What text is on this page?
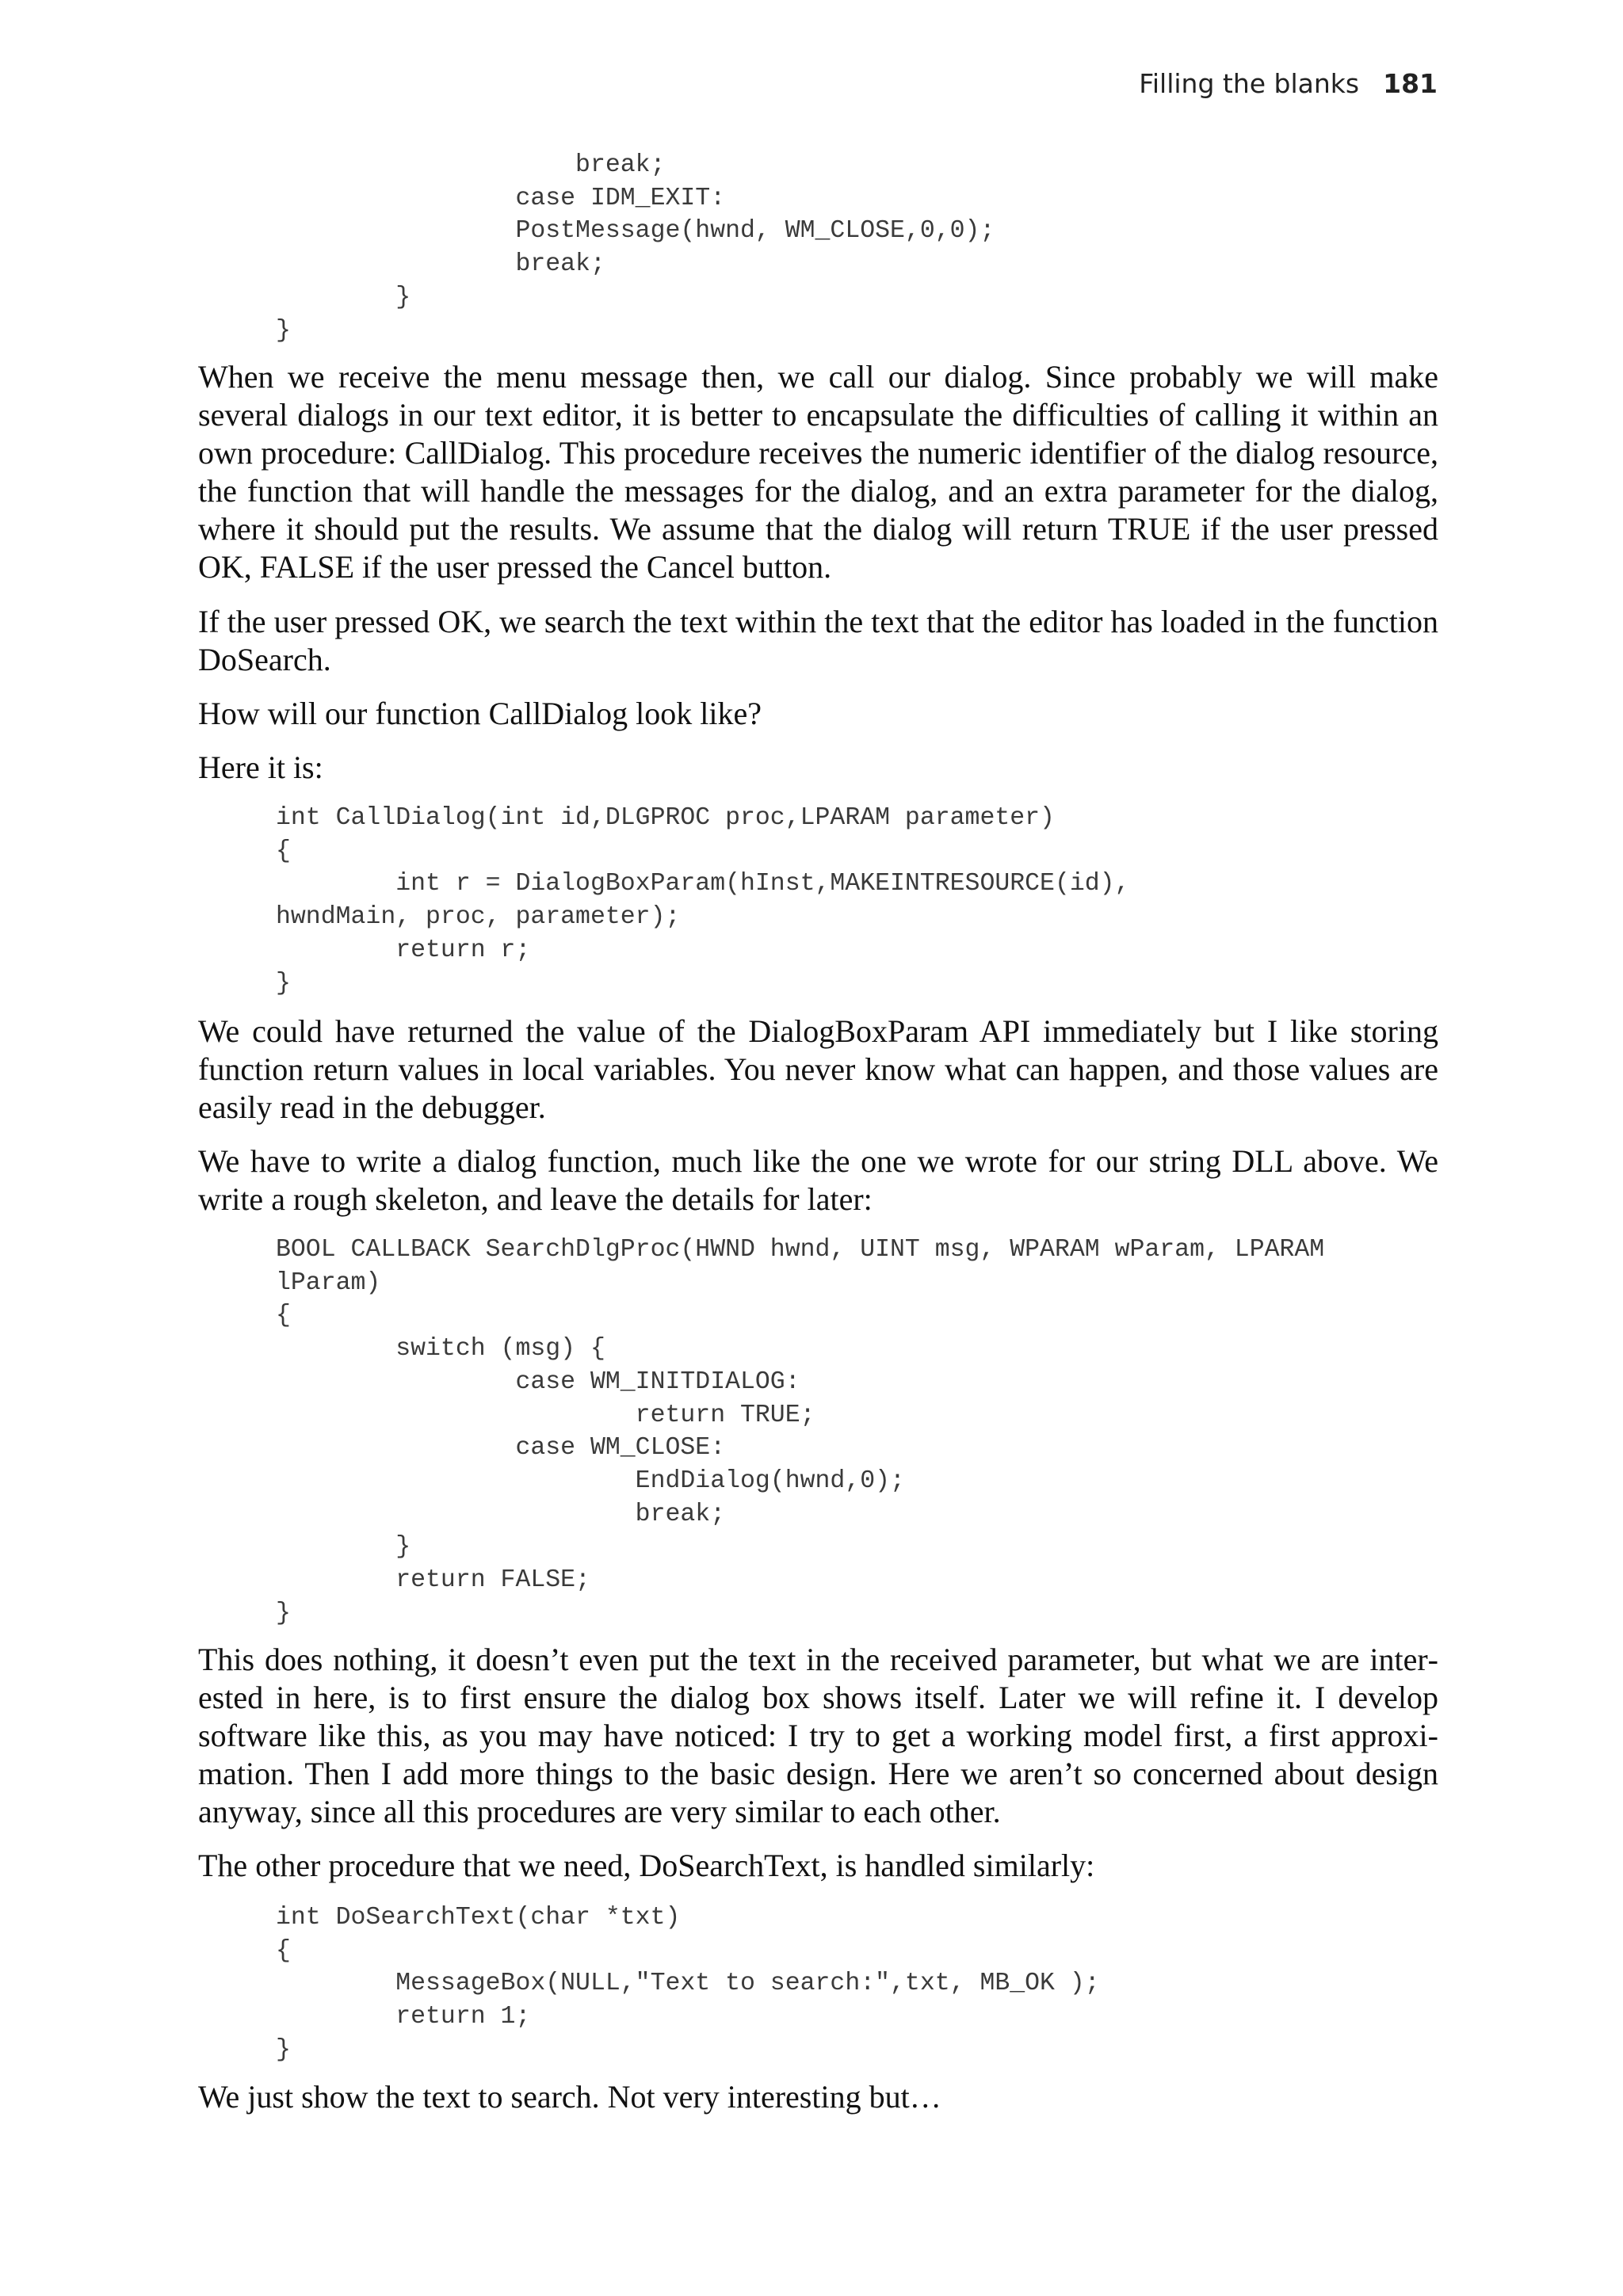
Filling the blanks 181
break;
case IDM_EXIT:
PostMessage(hwnd, WM_CLOSE,0,0);
break;
}
}

When we receive the menu message then, we call our dialog. Since probably we will make several dialogs in our text editor, it is better to encapsulate the difficulties of calling it within an own procedure: CallDialog. This procedure receives the numeric identifier of the dialog resource, the function that will handle the messages for the dialog, and an extra parameter for the dialog, where it should put the results. We assume that the dialog will return TRUE if the user pressed OK, FALSE if the user pressed the Cancel button.

If the user pressed OK, we search the text within the text that the editor has loaded in the function DoSearch.

How will our function CallDialog look like?

Here it is:

int CallDialog(int id,DLGPROC proc,LPARAM parameter)
{
int r = DialogBoxParam(hInst,MAKEINTRESOURCE(id),
hwndMain, proc, parameter);
return r;
}

We could have returned the value of the DialogBoxParam API immediately but I like storing function return values in local variables. You never know what can happen, and those values are easily read in the debugger.

We have to write a dialog function, much like the one we wrote for our string DLL above. We write a rough skeleton, and leave the details for later:

BOOL CALLBACK SearchDlgProc(HWND hwnd, UINT msg, WPARAM wParam, LPARAM
lParam)
{
switch (msg) {
case WM_INITDIALOG:
return TRUE;
case WM_CLOSE:
EndDialog(hwnd,0);
break;
}
return FALSE;
}

This does nothing, it doesn’t even put the text in the received parameter, but what we are interested in here, is to first ensure the dialog box shows itself. Later we will refine it. I develop software like this, as you may have noticed: I try to get a working model first, a first approximation. Then I add more things to the basic design. Here we aren’t so concerned about design anyway, since all this procedures are very similar to each other.

The other procedure that we need, DoSearchText, is handled similarly:

int DoSearchText(char *txt)
{
MessageBox(NULL,"Text to search:",txt, MB_OK );
return 1;
}

We just show the text to search. Not very interesting but…
